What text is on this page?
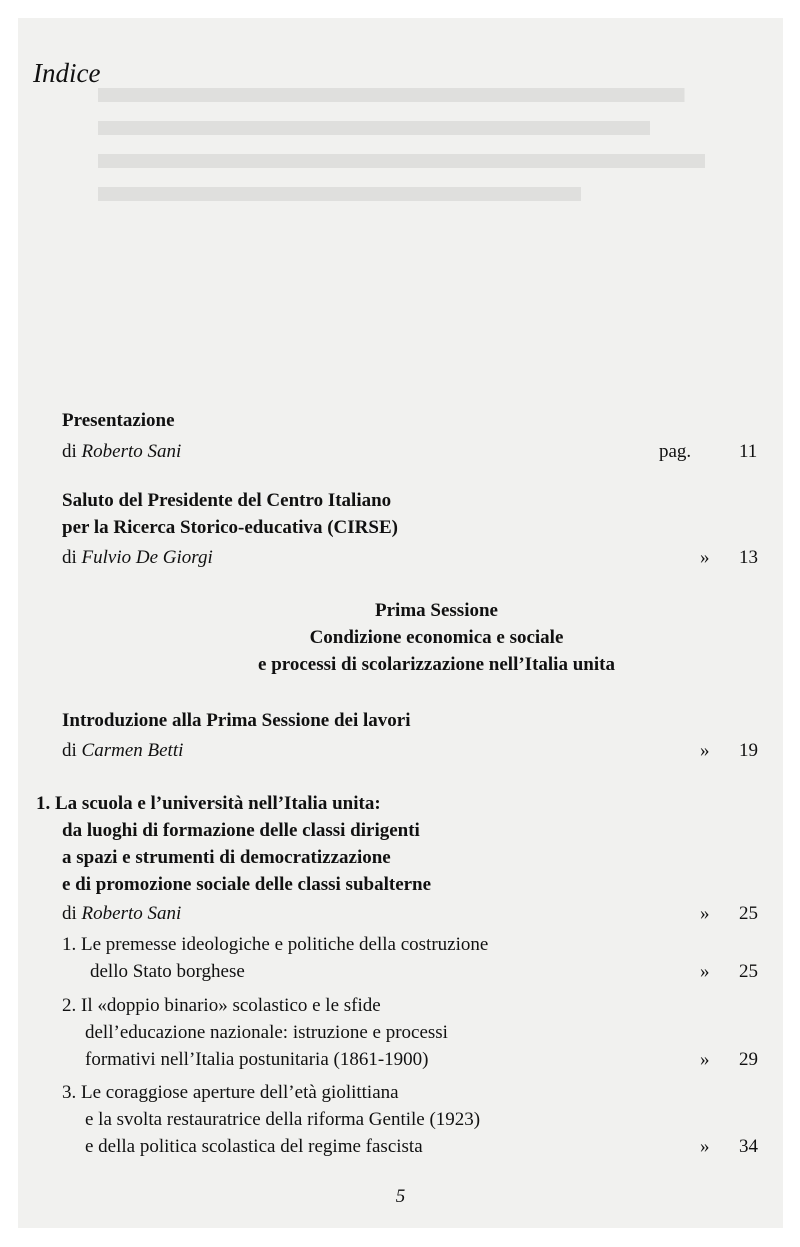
Indice
Presentazione
di Roberto Sani	pag.	11
Saluto del Presidente del Centro Italiano
per la Ricerca Storico-educativa (CIRSE)
di Fulvio De Giorgi	» 13
Prima Sessione
Condizione economica e sociale
e processi di scolarizzazione nell’Italia unita
Introduzione alla Prima Sessione dei lavori
di Carmen Betti	» 19
1. La scuola e l’università nell’Italia unita:
da luoghi di formazione delle classi dirigenti
a spazi e strumenti di democratizzazione
e di promozione sociale delle classi subalterne
di Roberto Sani	» 25
1. Le premesse ideologiche e politiche della costruzione
dello Stato borghese	» 25
2. Il «doppio binario» scolastico e le sfide
dell’educazione nazionale: istruzione e processi
formativi nell’Italia postunitaria (1861-1900)	» 29
3. Le coraggiose aperture dell’età giolittiana
e la svolta restauratrice della riforma Gentile (1923)
e della politica scolastica del regime fascista	» 34
5
